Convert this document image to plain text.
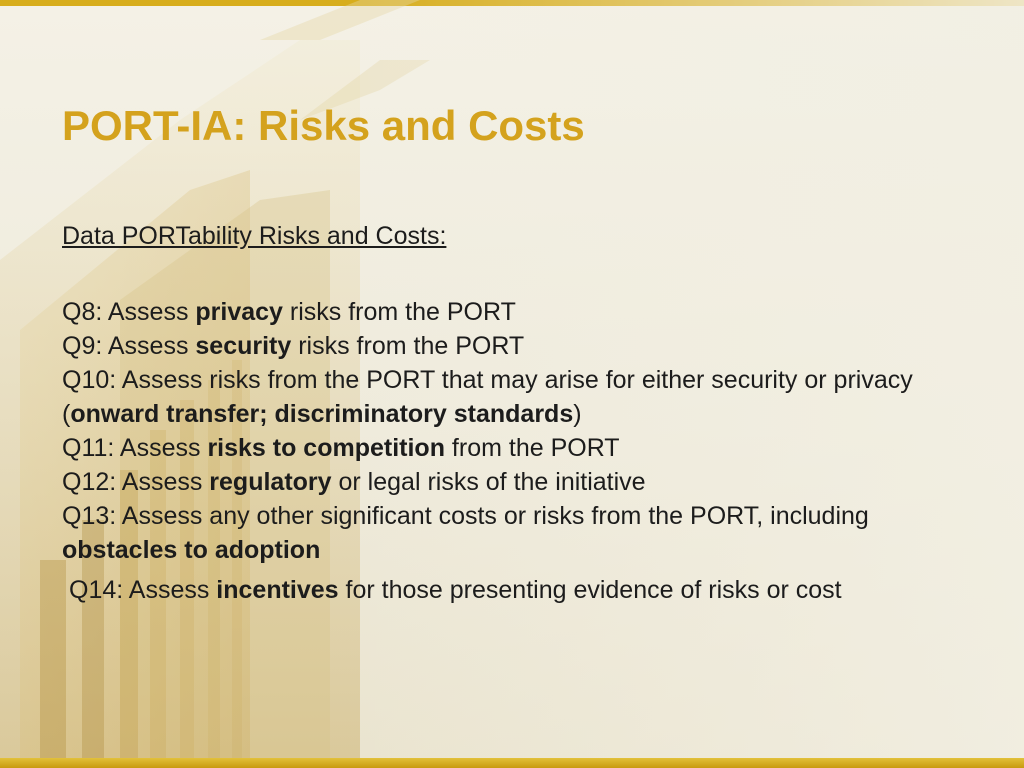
PORT-IA: Risks and Costs
Data PORTability Risks and Costs:
Q8: Assess privacy risks from the PORT
Q9: Assess security risks from the PORT
Q10: Assess risks from the PORT that may arise for either security or privacy (onward transfer; discriminatory standards)
Q11: Assess risks to competition from the PORT
Q12: Assess regulatory or legal risks of the initiative
Q13: Assess any other significant costs or risks from the PORT, including obstacles to adoption
Q14: Assess incentives for those presenting evidence of risks or cost
